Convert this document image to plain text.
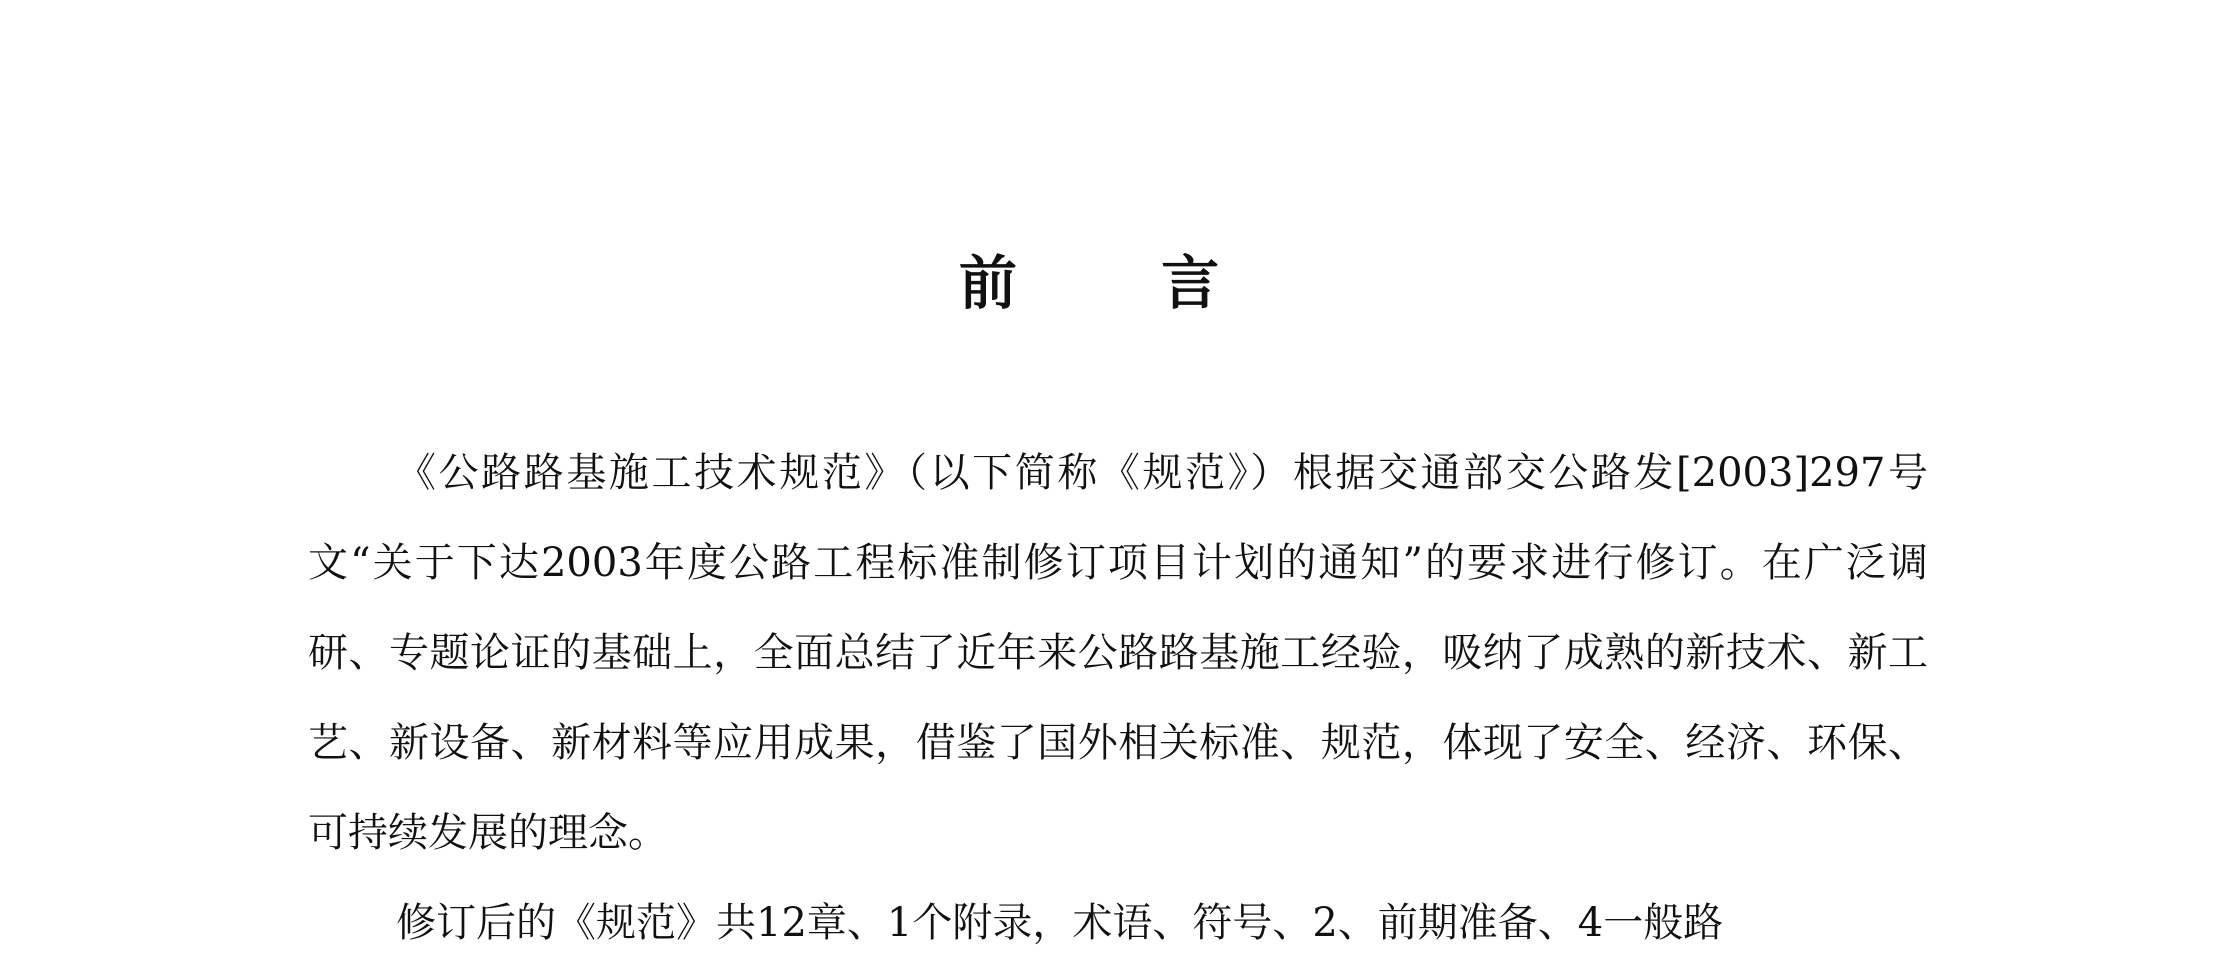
前 言

《公路路基施工技术规范》（以下简称《规范》）根据交通部交公路发[2003]297号文“关于下达2003年度公路工程标准制修订项目计划的通知”的要求进行修订。在广泛调研、专题论证的基础上，全面总结了近年来公路路基施工经验，吸纳了成熟的新技术、新工艺、新设备、新材料等应用成果，借鉴了国外相关标准、规范，体现了安全、经济、环保、可持续发展的理念。

修订后的《规范》共12章、1个附录，术语、符号、2、前期准备、4一般路
